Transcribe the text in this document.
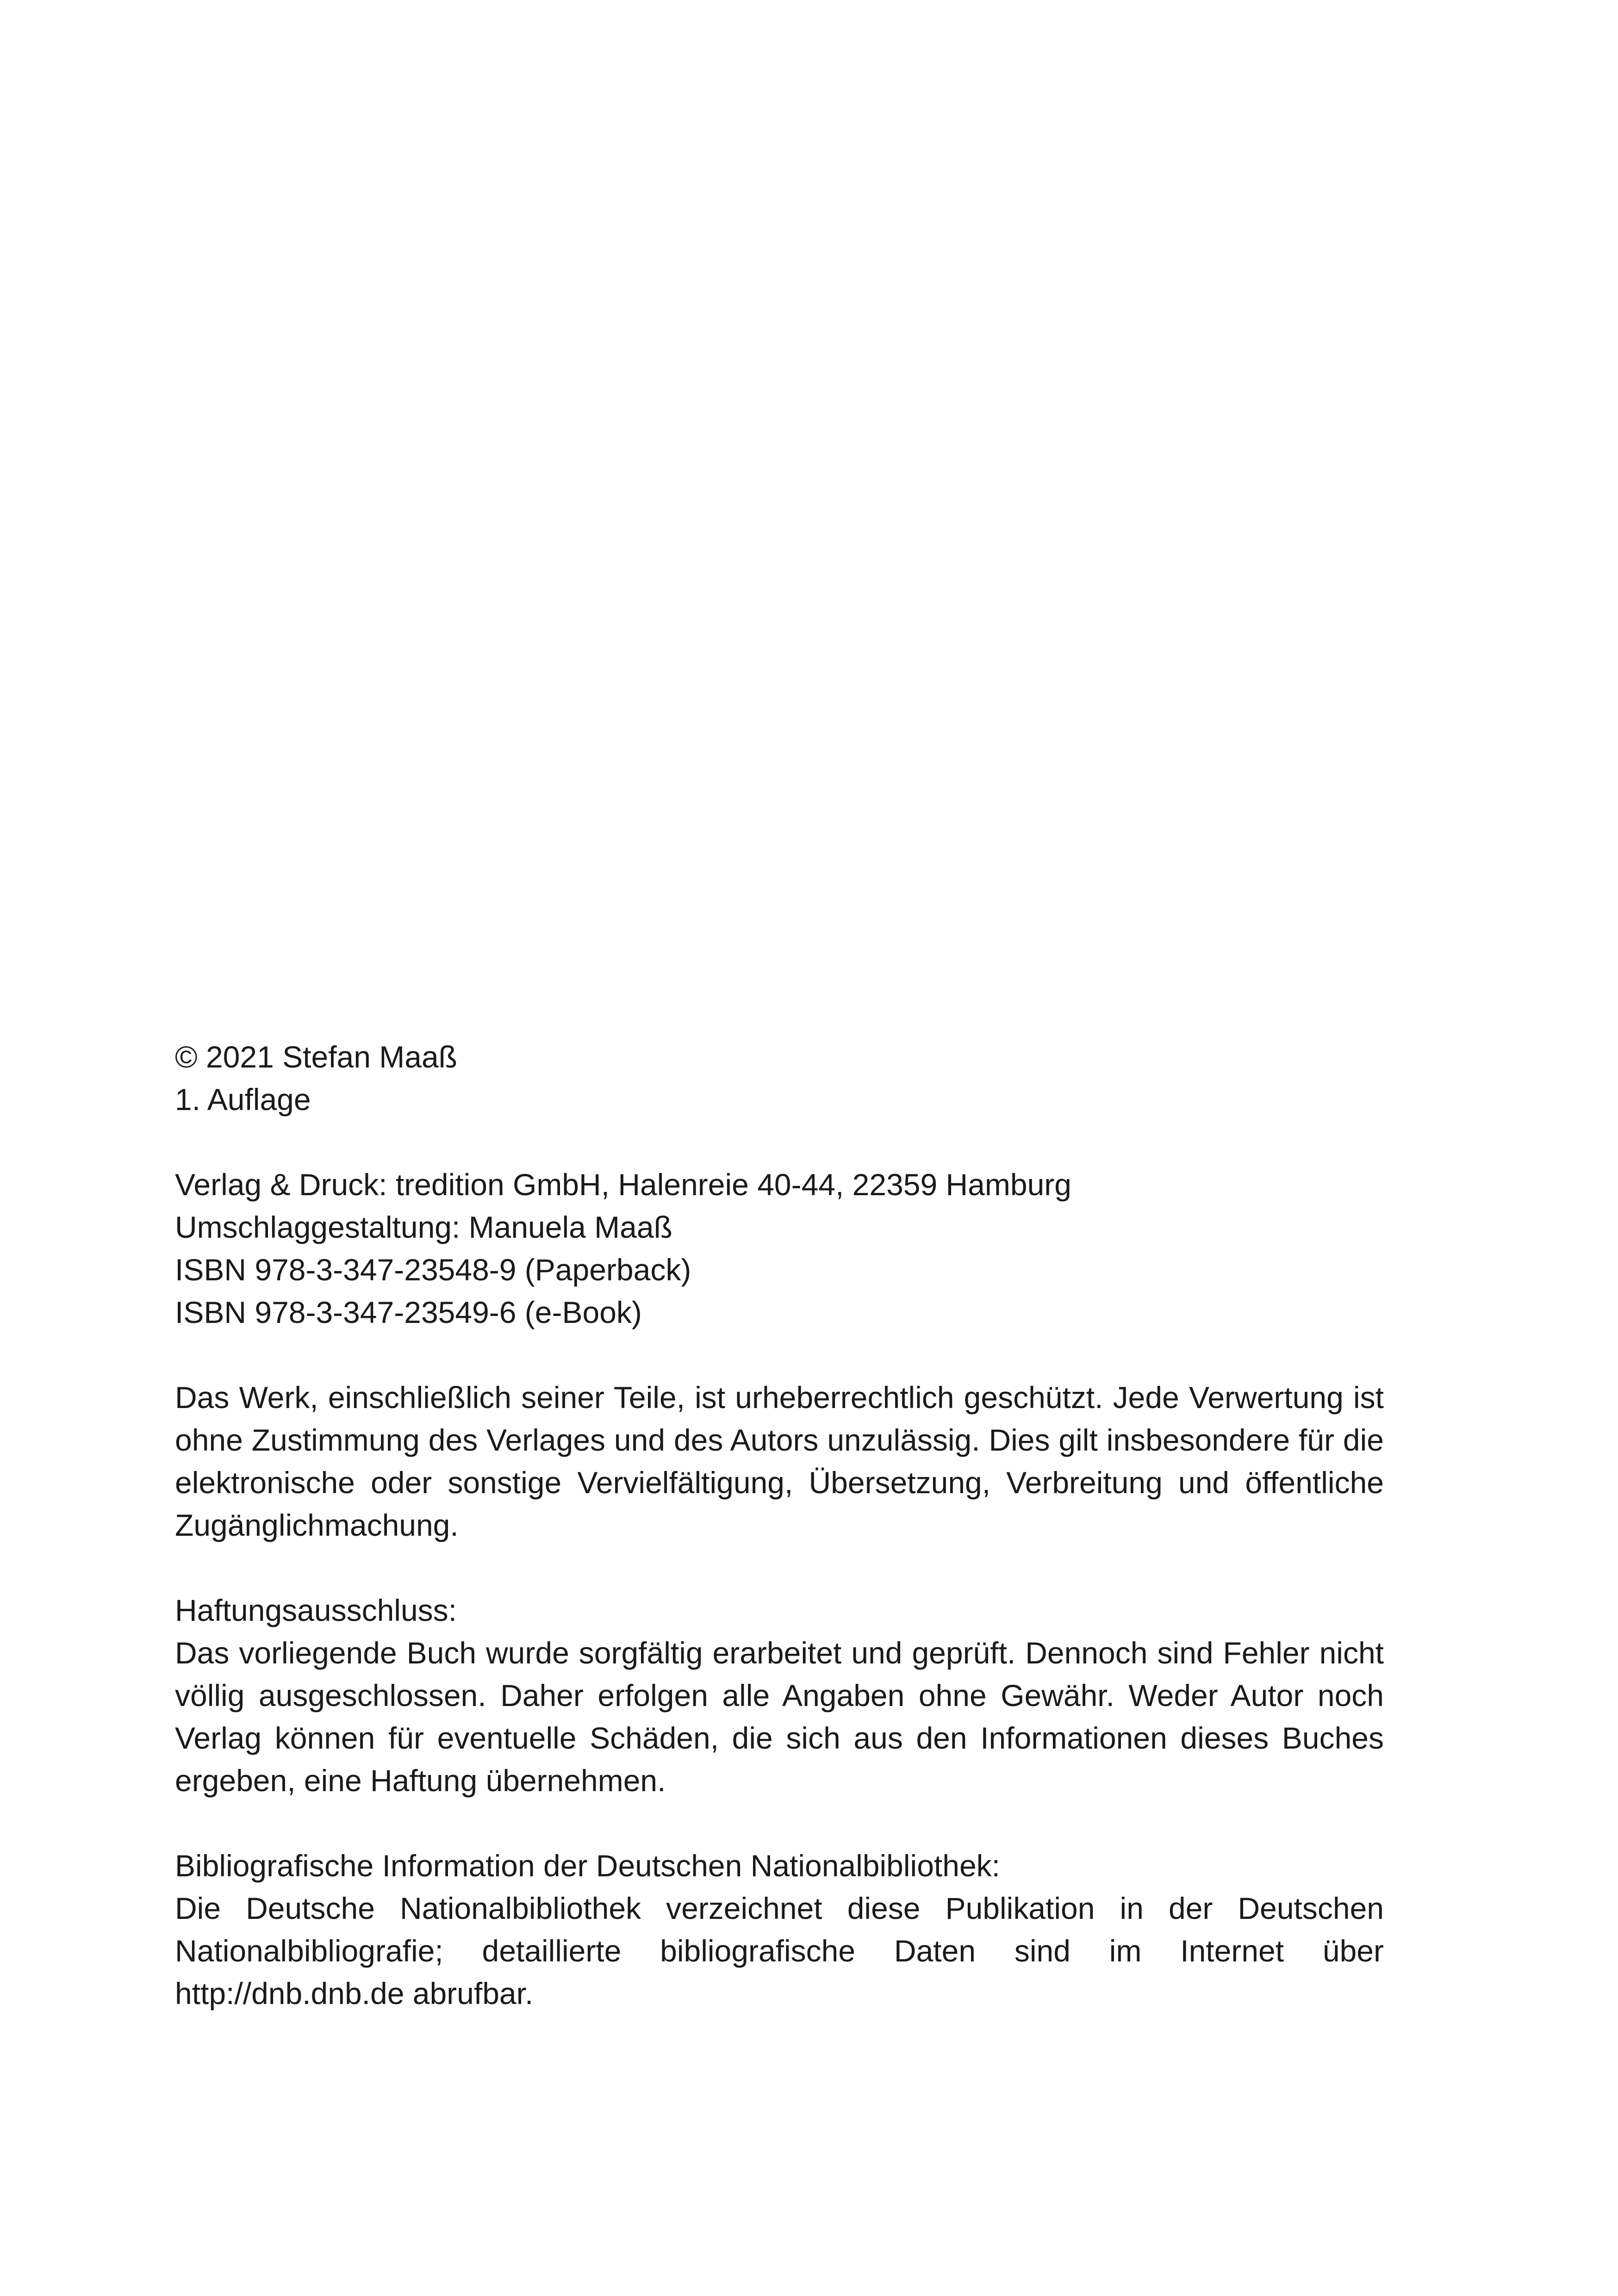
© 2021 Stefan Maaß
1. Auflage
Verlag & Druck: tredition GmbH, Halenreie 40-44, 22359 Hamburg
Umschlaggestaltung: Manuela Maaß
ISBN 978-3-347-23548-9 (Paperback)
ISBN 978-3-347-23549-6 (e-Book)
Das Werk, einschließlich seiner Teile, ist urheberrechtlich geschützt. Jede Verwertung ist ohne Zustimmung des Verlages und des Autors unzulässig. Dies gilt insbesondere für die elektronische oder sonstige Vervielfältigung, Übersetzung, Verbreitung und öffentliche Zugänglichmachung.
Haftungsausschluss:
Das vorliegende Buch wurde sorgfältig erarbeitet und geprüft. Dennoch sind Fehler nicht völlig ausgeschlossen. Daher erfolgen alle Angaben ohne Gewähr. Weder Autor noch Verlag können für eventuelle Schäden, die sich aus den Informationen dieses Buches ergeben, eine Haftung übernehmen.
Bibliografische Information der Deutschen Nationalbibliothek:
Die Deutsche Nationalbibliothek verzeichnet diese Publikation in der Deutschen Nationalbibliografie; detaillierte bibliografische Daten sind im Internet über http://dnb.dnb.de abrufbar.
